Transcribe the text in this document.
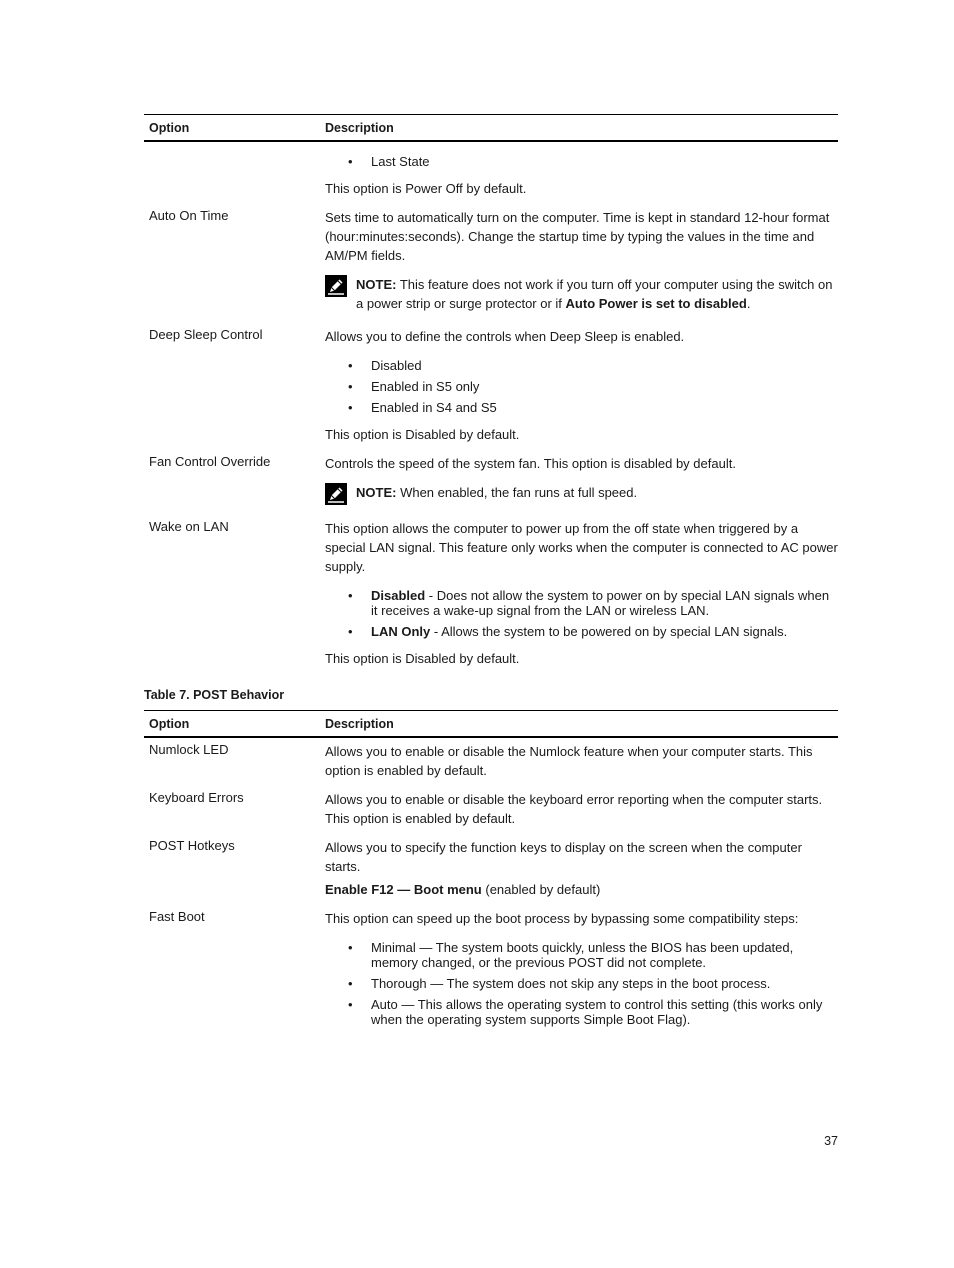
Option	Description
• Last State

This option is Power Off by default.

Auto On Time	Sets time to automatically turn on the computer. Time is kept in standard 12-hour format (hour:minutes:seconds). Change the startup time by typing the values in the time and AM/PM fields.

NOTE: This feature does not work if you turn off your computer using the switch on a power strip or surge protector or if Auto Power is set to disabled.
Deep Sleep Control	Allows you to define the controls when Deep Sleep is enabled.

• Disabled
• Enabled in S5 only
• Enabled in S4 and S5

This option is Disabled by default.

Fan Control Override	Controls the speed of the system fan. This option is disabled by default.

NOTE: When enabled, the fan runs at full speed.
Wake on LAN	This option allows the computer to power up from the off state when triggered by a special LAN signal. This feature only works when the computer is connected to AC power supply.

• Disabled - Does not allow the system to power on by special LAN signals when it receives a wake-up signal from the LAN or wireless LAN.
• LAN Only - Allows the system to be powered on by special LAN signals.

This option is Disabled by default.

Table 7. POST Behavior
Option	Description
Numlock LED	Allows you to enable or disable the Numlock feature when your computer starts. This option is enabled by default.
Keyboard Errors	Allows you to enable or disable the keyboard error reporting when the computer starts. This option is enabled by default.
POST Hotkeys	Allows you to specify the function keys to display on the screen when the computer starts.

Enable F12 — Boot menu (enabled by default)

Fast Boot	This option can speed up the boot process by bypassing some compatibility steps:

• Minimal — The system boots quickly, unless the BIOS has been updated, memory changed, or the previous POST did not complete.
• Thorough — The system does not skip any steps in the boot process.
• Auto — This allows the operating system to control this setting (this works only when the operating system supports Simple Boot Flag).
37
